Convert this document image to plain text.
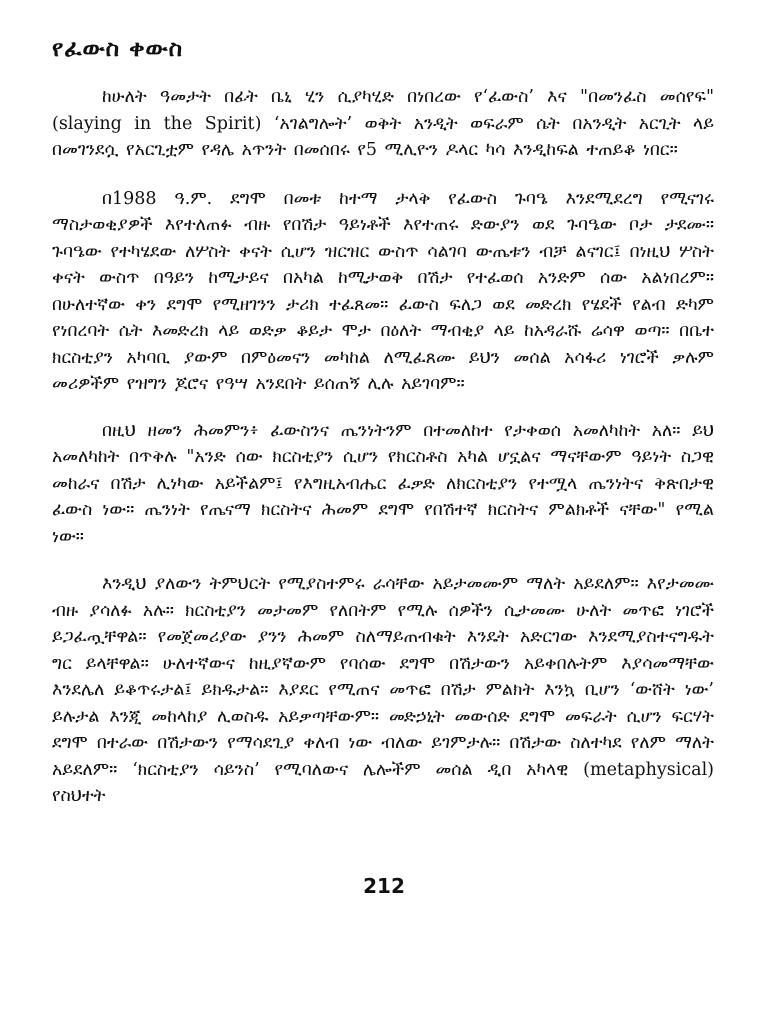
የፈውስ ቀውስ

ከሁለት ዓመታት በፊት ቤኒ ሂን ሲያካሂድ በነበረው የ‘ፈውስ’ እና "በመንፈስ መሰየፍ" (slaying in the Spirit) ‘አገልግሎት’ ወቅት አንዲት ወፍራም ሴት በአንዲት አርጊት ላይ በመገንደሷ የአርጊቷም የዳሌ አጥንት በመሰበሩ የ5 ሚሊዮን ዶላር ካሳ እንዲከፍል ተጠይቆ ነበር።

በ1988 ዓ.ም. ደግሞ በመቱ ከተማ ታላቅ የፈውስ ጉባዔ እንደሚደረግ የሚናገሩ ማስታወቂያዎች እየተለጠፉ ብዙ የበሽታ ዓይነቶች እየተጠሩ ድውያን ወደ ጉባዔው ቦታ ታደሙ። ጉባዔው የተካሄደው ለሦስት ቀናት ሲሆን ዝርዝር ውስጥ ሳልገባ ውጤቱን ብቻ ልናገር፤ በነዚህ ሦስት ቀናት ውስጥ በዓይን ከሚታይና በአካል ከሚታወቅ በሽታ የተፈወሰ አንድም ሰው አልነበረም። በሁለተኛው ቀን ደግሞ የሚዘገንን ታሪክ ተፈጸመ። ፈውስ ፍለጋ ወደ መድረክ የሄደች የልብ ድካም የነበረባት ሴት እመድረክ ላይ ወድቃ ቆይታ ሞታ በዕለት ማብቂያ ላይ ከአዳራሹ ሬሳዋ ወጣ። በቤተ ክርስቲያን አካባቢ ያውም በምዕመናን መካከል ለሚፈጸሙ ይህን መሰል አሳፋሪ ነገሮች ቃሉም መሪዎችም የዝግን ጆሮና የዓሣ አንደበት ይሰጠኝ ሊሉ አይገባም።

በዚህ ዘመን ሕመምን፥ ፈውስንና ጤንነትንም በተመለከተ የታቀወሰ አመለካከት አለ። ይህ አመለካከት በጥቅሉ "አንድ ሰው ክርስቲያን ሲሆን የክርስቶስ አካል ሆኗልና ማናቸውም ዓይነት ስጋዊ መከራና በሽታ ሊነካው አይችልም፤ የእግዚአብሔር ፈቃድ ለክርስቲያን የተሟላ ጤንነትና ቅጽበታዊ ፈውስ ነው። ጤንነት የጤናማ ክርስትና ሕመም ደግሞ የበሽተኛ ክርስትና ምልክቶች ናቸው" የሚል ነው።

እንዲህ ያለውን ትምህርት የሚያስተምሩ ራሳቸው አይታመሙም ማለት አይደለም። እየታመሙ ብዙ ያሳለፉ አሉ። ክርስቲያን መታመም የለበትም የሚሉ ሰዎችን ሲታመሙ ሁለት መጥፎ ነገሮች ይጋፈጧቸዋል። የመጀመሪያው ያንን ሕመም ስለማይጠብቁት እንዴት አድርገው እንደሚያስተናግዱት ግር ይላቸዋል። ሁለተኛውና ከዚያኛውም የባሰው ደግሞ በሽታውን አይቀበሉትም እያሳመማቸው እንደሌለ ይቆጥሩታል፤ ይክዱታል። እያደር የሚጠና መጥፎ በሽታ ምልክት እንኳ ቢሆን ‘ውሸት ነው’ ይሉታል እንጂ መከላከያ ሊወስዱ አይቃጣቸውም። መድኃኒት መውሰድ ደግሞ መፍራት ሲሆን ፍርሃት ደግሞ በተራው በሽታውን የማሳደጊያ ቀለብ ነው ብለው ይገምታሉ። በሽታው ስለተካደ የለም ማለት አይደለም። ‘ክርስቲያን ሳይንስ’ የሚባለውና ሌሎችም መሰል ዲበ አካላዊ (metaphysical) የስህተት

212
